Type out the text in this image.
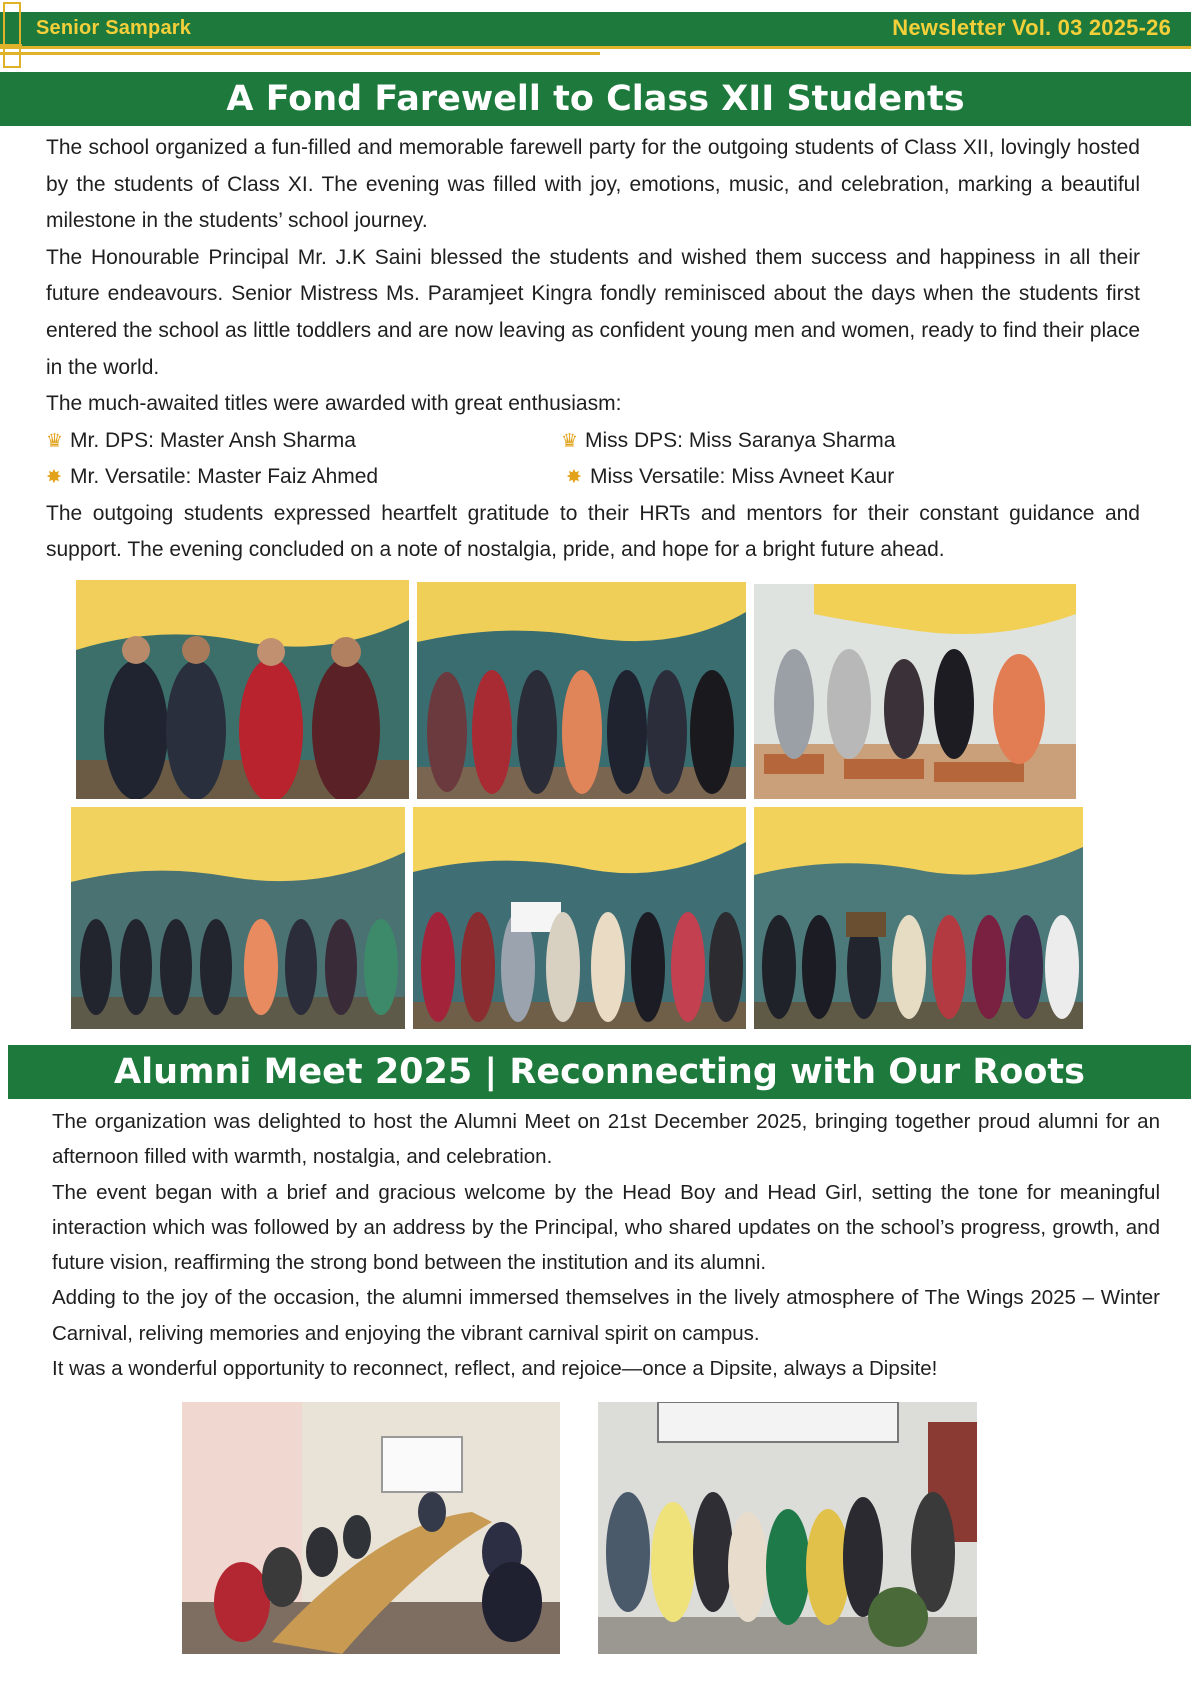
Senior Sampark	Newsletter Vol. 03 2025-26
A Fond Farewell to Class XII Students

The school organized a fun-filled and memorable farewell party for the outgoing students of Class XII, lovingly hosted by the students of Class XI. The evening was filled with joy, emotions, music, and celebration, marking a beautiful milestone in the students’ school journey.

The Honourable Principal Mr. J.K Saini blessed the students and wished them success and happiness in all their future endeavours. Senior Mistress Ms. Paramjeet Kingra fondly reminisced about the days when the students first entered the school as little toddlers and are now leaving as confident young men and women, ready to find their place in the world.

The much-awaited titles were awarded with great enthusiasm:

♛ Mr. DPS: Master Ansh Sharma	♛ Miss DPS: Miss Saranya Sharma
✸ Mr. Versatile: Master Faiz Ahmed	✸ Miss Versatile: Miss Avneet Kaur

The outgoing students expressed heartfelt gratitude to their HRTs and mentors for their constant guidance and support. The evening concluded on a note of nostalgia, pride, and hope for a bright future ahead.

Alumni Meet 2025 | Reconnecting with Our Roots

The organization was delighted to host the Alumni Meet on 21st December 2025, bringing together proud alumni for an afternoon filled with warmth, nostalgia, and celebration.

The event began with a brief and gracious welcome by the Head Boy and Head Girl, setting the tone for meaningful interaction which was followed by an address by the Principal, who shared updates on the school’s progress, growth, and future vision, reaffirming the strong bond between the institution and its alumni.

Adding to the joy of the occasion, the alumni immersed themselves in the lively atmosphere of The Wings 2025 – Winter Carnival, reliving memories and enjoying the vibrant carnival spirit on campus.

It was a wonderful opportunity to reconnect, reflect, and rejoice—once a Dipsite, always a Dipsite!
